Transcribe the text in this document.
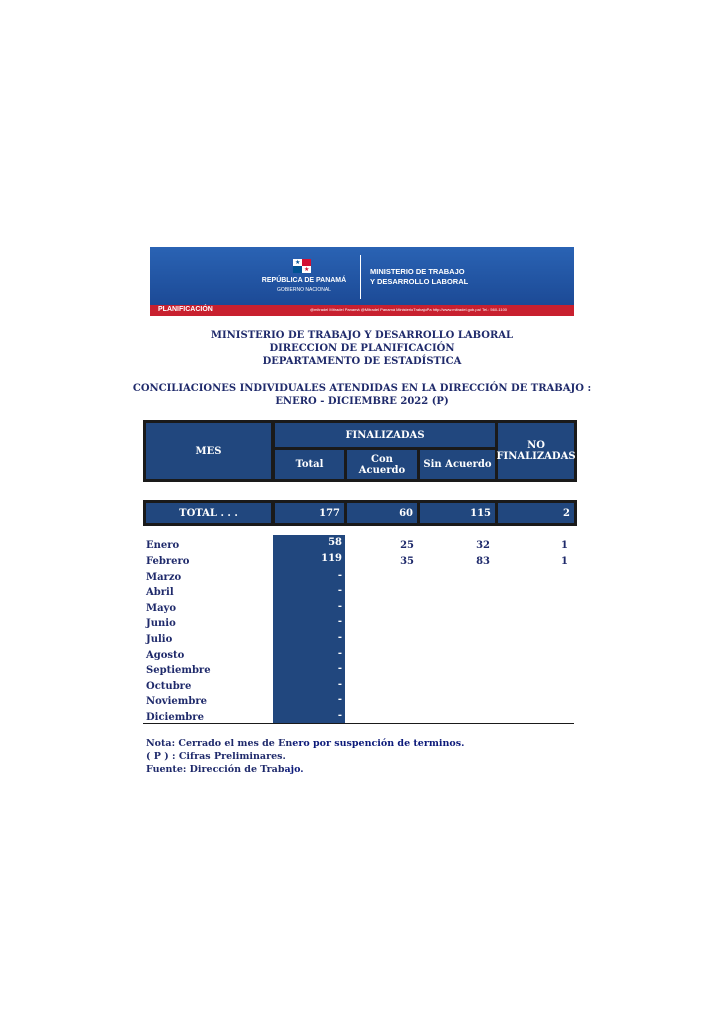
★
★
REPÚBLICA DE PANAMÁ
GOBIERNO NACIONAL
MINISTERIO DE TRABAJO
Y DESARROLLO LABORAL
PLANIFICACIÓN	@mitradel Mitradel Panamá @Mitradel Panamá MinisterioTrabajoPa http://www.mitradel.gob.pa/ Tel.: 560-1100
MINISTERIO DE TRABAJO Y DESARROLLO LABORAL
DIRECCION DE PLANIFICACIÓN
DEPARTAMENTO DE ESTADÍSTICA
CONCILIACIONES INDIVIDUALES ATENDIDAS EN LA DIRECCIÓN DE TRABAJO :
ENERO - DICIEMBRE 2022 (P)
MES
FINALIZADAS
NO
FINALIZADAS
Total	Con Acuerdo	Sin Acuerdo
TOTAL . . .	177	60	115	2
Enero	58	25	32	1
Febrero	119	35	83	1
Marzo	-
Abril	-
Mayo	-
Junio	-
Julio	-
Agosto	-
Septiembre	-
Octubre	-
Noviembre	-
Diciembre	-
Nota: Cerrado el mes de Enero por suspención de terminos.
( P ) : Cifras Preliminares.
Fuente: Dirección de Trabajo.
